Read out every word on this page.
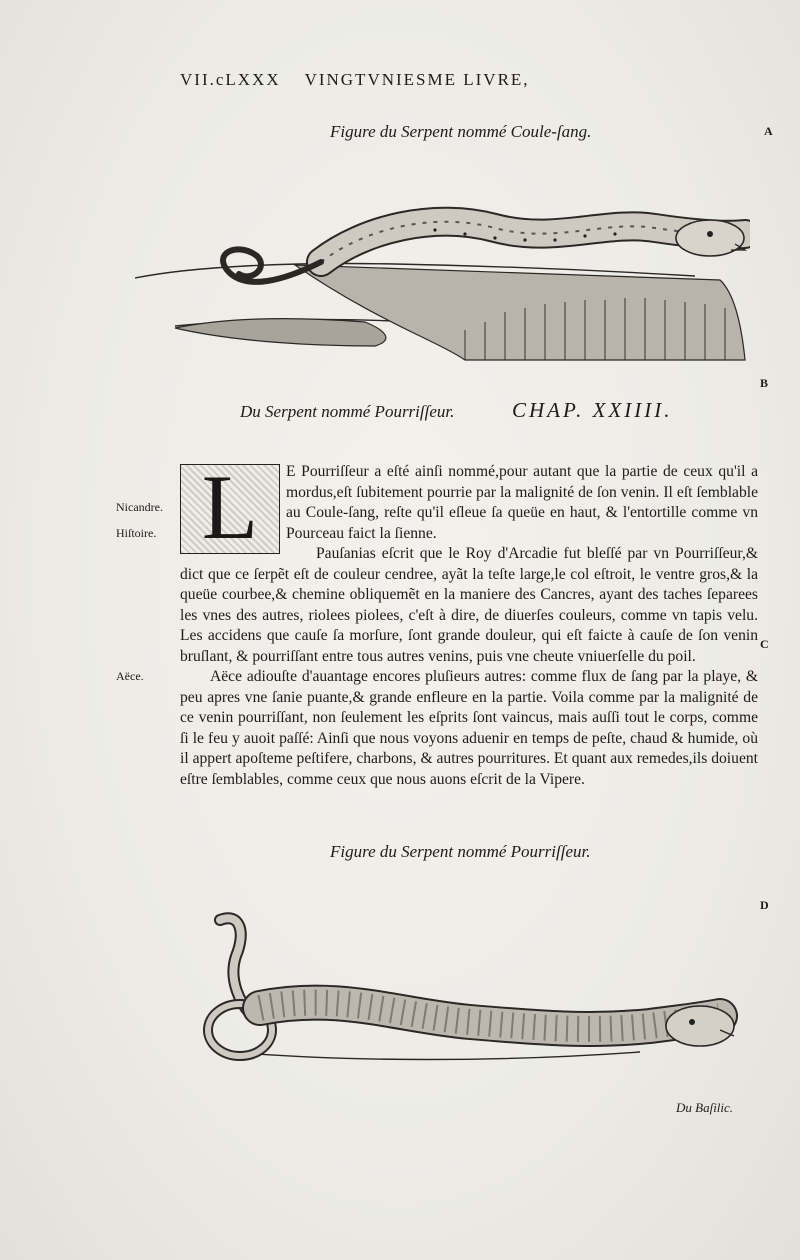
VII.cLXXX VINGTVNIESME LIVRE,
Figure du Serpent nommé Coule-ſang.	A
B
C
D
Du Serpent nommé Pourriſſeur.	CHAP. XXIIII.
Nicandre.
Hiſtoire.
Aëce.
L	E Pourriſſeur a eſté ainſi nommé,pour autant que la partie de ceux qu'il a mordus,eſt ſubitement pourrie par la malignité de ſon venin. Il eſt ſemblable au Coule-ſang, reſte qu'il eſleue ſa queüe en haut, & l'entortille comme vn Pourceau faict la ſienne.

Pauſanias eſcrit que le Roy d'Arcadie fut bleſſé par vn Pourriſſeur,& dict que ce ſerpẽt eſt de couleur cendree, ayãt la teſte large,le col eſtroit, le ventre gros,& la queüe courbee,& chemine obliquemẽt en la maniere des Cancres, ayant des taches ſeparees les vnes des autres, riolees piolees, c'eſt à dire, de diuerſes couleurs, comme vn tapis velu. Les accidens que cauſe ſa morſure, ſont grande douleur, qui eſt faicte à cauſe de ſon venin bruſlant, & pourriſſant entre tous autres venins, puis vne cheute vniuerſelle du poil.

Aëce adiouſte d'auantage encores pluſieurs autres: comme flux de ſang par la playe, & peu apres vne ſanie puante,& grande enfleure en la partie. Voila comme par la malignité de ce venin pourriſſant, non ſeulement les eſprits ſont vaincus, mais auſſi tout le corps, comme ſi le feu y auoit paſſé: Ainſi que nous voyons aduenir en temps de peſte, chaud & humide, où il appert apoſteme peſtifere, charbons, & autres pourritures. Et quant aux remedes,ils doiuent eſtre ſemblables, comme ceux que nous auons eſcrit de la Vipere.

Figure du Serpent nommé Pourriſſeur.
Du Baſilic.
